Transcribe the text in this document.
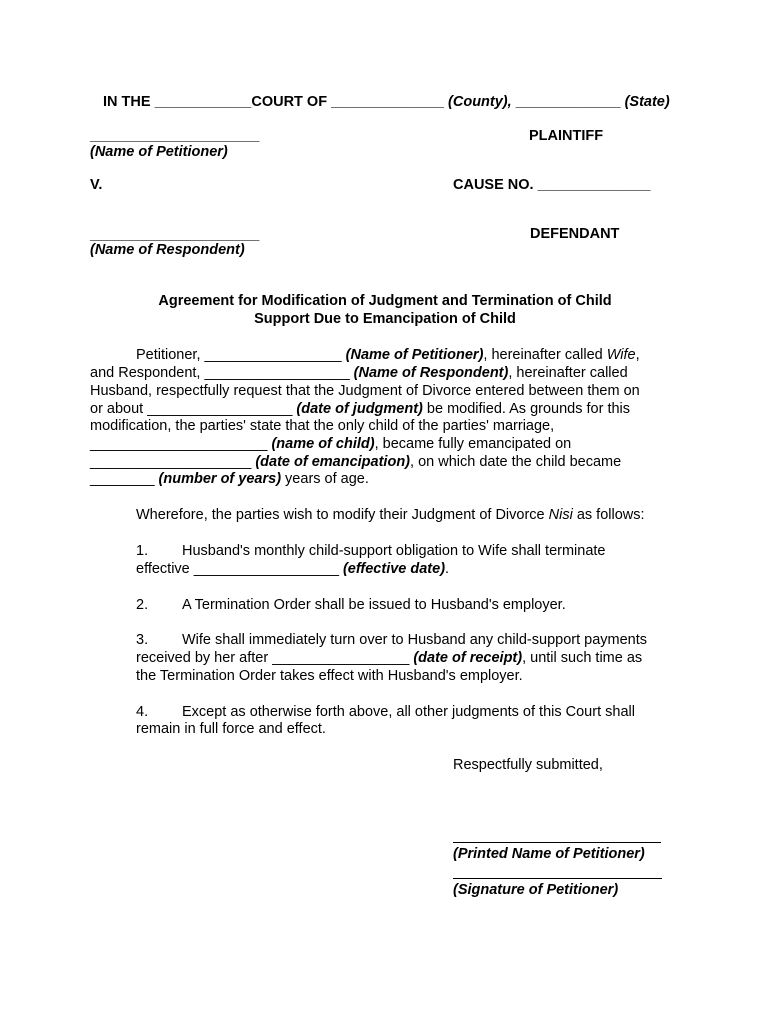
IN THE ____________COURT OF ______________ (County), _____________ (State)
_____________________
(Name of Petitioner)
PLAINTIFF
V.	CAUSE NO. ______________
_____________________
(Name of Respondent)
DEFENDANT
Agreement for Modification of Judgment and Termination of Child
Support Due to Emancipation of Child
Petitioner, _________________ (Name of Petitioner), hereinafter called Wife,
and Respondent, __________________ (Name of Respondent), hereinafter called
Husband, respectfully request that the Judgment of Divorce entered between them on
or about __________________ (date of judgment) be modified. As grounds for this
modification, the parties' state that the only child of the parties' marriage,
______________________ (name of child), became fully emancipated on
____________________ (date of emancipation), on which date the child became
________ (number of years) years of age.
Wherefore, the parties wish to modify their Judgment of Divorce Nisi as follows:
1. Husband's monthly child-support obligation to Wife shall terminate
effective __________________ (effective date).
2. A Termination Order shall be issued to Husband's employer.
3. Wife shall immediately turn over to Husband any child-support payments
received by her after _________________ (date of receipt), until such time as
the Termination Order takes effect with Husband's employer.
4. Except as otherwise forth above, all other judgments of this Court shall
remain in full force and effect.
Respectfully submitted,
(Printed Name of Petitioner)
(Signature of Petitioner)
